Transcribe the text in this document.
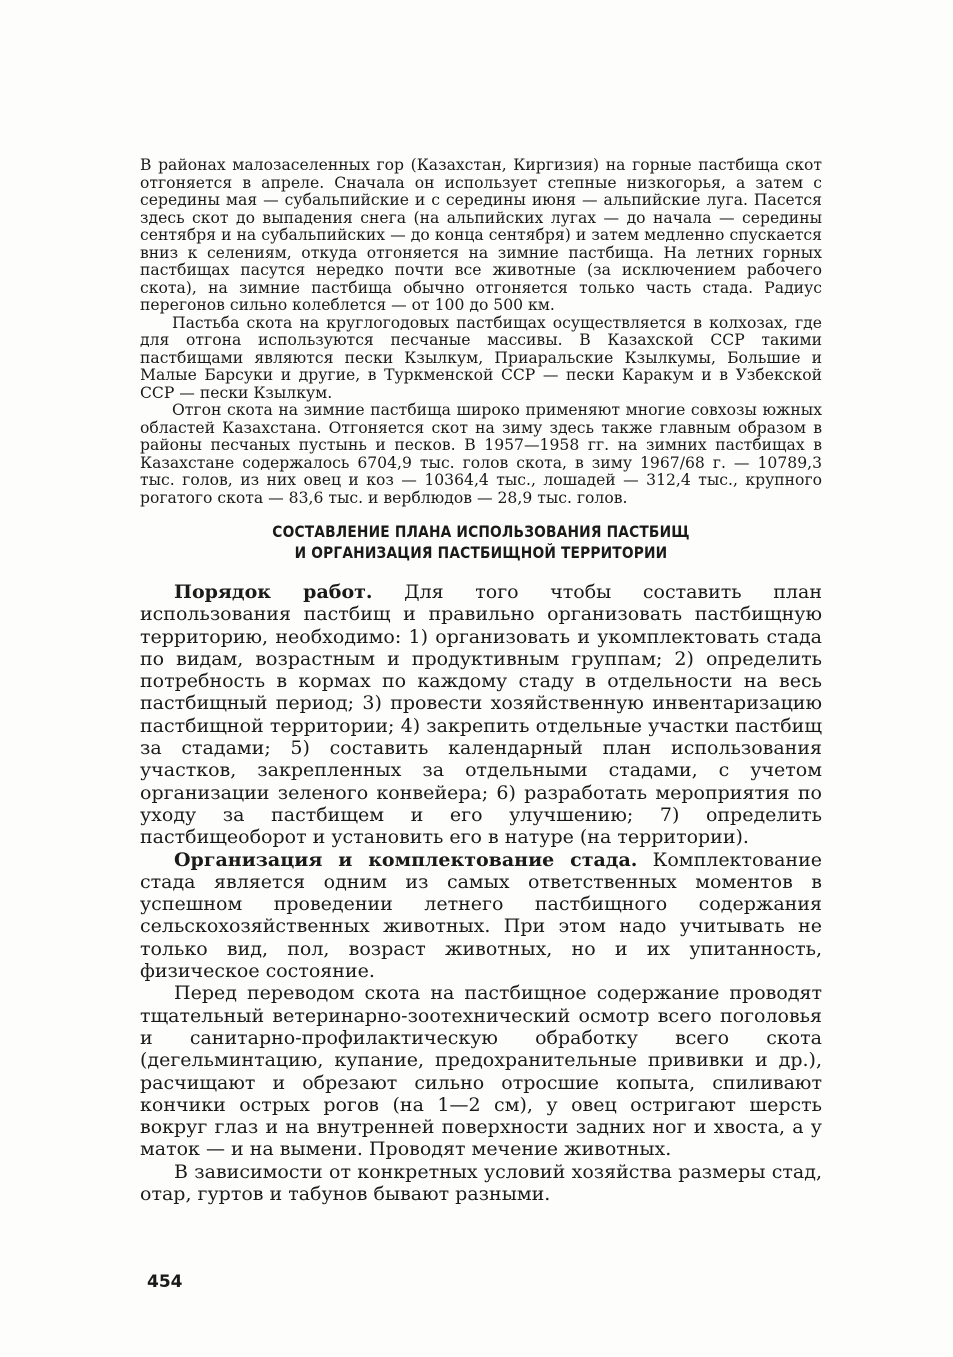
В районах малозаселенных гор (Казахстан, Киргизия) на горные пастбища скот отгоняется в апреле. Сначала он использует степные низкогорья, а затем с середины мая — субальпийские и с середины июня — альпийские луга. Пасется здесь скот до выпадения снега (на альпийских лугах — до начала — середины сентября и на субальпийских — до конца сентября) и затем медленно спускается вниз к селениям, откуда отгоняется на зимние пастбища. На летних горных пастбищах пасутся нередко почти все животные (за исключением рабочего скота), на зимние пастбища обычно отгоняется только часть стада. Радиус перегонов сильно колеблется — от 100 до 500 км.

Пастьба скота на круглогодовых пастбищах осуществляется в колхозах, где для отгона используются песчаные массивы. В Казахской ССР такими пастбищами являются пески Кзылкум, Приаральские Кзылкумы, Большие и Малые Барсуки и другие, в Туркменской ССР — пески Каракум и в Узбекской ССР — пески Кзылкум.

Отгон скота на зимние пастбища широко применяют многие совхозы южных областей Казахстана. Отгоняется скот на зиму здесь также главным образом в районы песчаных пустынь и песков. В 1957—1958 гг. на зимних пастбищах в Казахстане содержалось 6704,9 тыс. голов скота, в зиму 1967/68 г. — 10789,3 тыс. голов, из них овец и коз — 10364,4 тыс., лошадей — 312,4 тыс., крупного рогатого скота — 83,6 тыс. и верблюдов — 28,9 тыс. голов.

СОСТАВЛЕНИЕ ПЛАНА ИСПОЛЬЗОВАНИЯ ПАСТБИЩ
И ОРГАНИЗАЦИЯ ПАСТБИЩНОЙ ТЕРРИТОРИИ

Порядок работ. Для того чтобы составить план использования пастбищ и правильно организовать пастбищную территорию, необходимо: 1) организовать и укомплектовать стада по видам, возрастным и продуктивным группам; 2) определить потребность в кормах по каждому стаду в отдельности на весь пастбищный период; 3) провести хозяйственную инвентаризацию пастбищной территории; 4) закрепить отдельные участки пастбищ за стадами; 5) составить календарный план использования участков, закрепленных за отдельными стадами, с учетом организации зеленого конвейера; 6) разработать мероприятия по уходу за пастбищем и его улучшению; 7) определить пастбищеоборот и установить его в натуре (на территории).

Организация и комплектование стада. Комплектование стада является одним из самых ответственных моментов в успешном проведении летнего пастбищного содержания сельскохозяйственных животных. При этом надо учитывать не только вид, пол, возраст животных, но и их упитанность, физическое состояние.

Перед переводом скота на пастбищное содержание проводят тщательный ветеринарно-зоотехнический осмотр всего поголовья и санитарно-профилактическую обработку всего скота (дегельминтацию, купание, предохранительные прививки и др.), расчищают и обрезают сильно отросшие копыта, спиливают кончики острых рогов (на 1—2 см), у овец остригают шерсть вокруг глаз и на внутренней поверхности задних ног и хвоста, а у маток — и на вымени. Проводят мечение животных.

В зависимости от конкретных условий хозяйства размеры стад, отар, гуртов и табунов бывают разными.

454
